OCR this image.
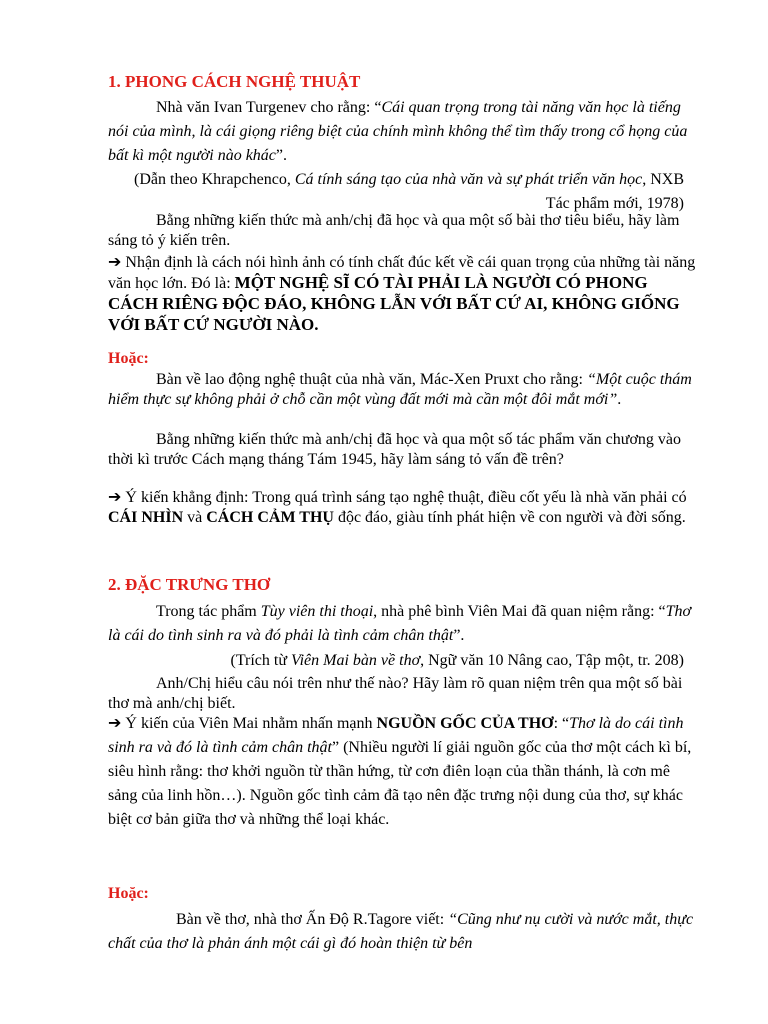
1. PHONG CÁCH NGHỆ THUẬT

Nhà văn Ivan Turgenev cho rằng: “Cái quan trọng trong tài năng văn học là tiếng nói của mình, là cái giọng riêng biệt của chính mình không thể tìm thấy trong cổ họng của bất kì một người nào khác”.

(Dẫn theo Khrapchenco, Cá tính sáng tạo của nhà văn và sự phát triển văn học, NXB Tác phẩm mới, 1978)

Bằng những kiến thức mà anh/chị đã học và qua một số bài thơ tiêu biểu, hãy làm sáng tỏ ý kiến trên.

➔ Nhận định là cách nói hình ảnh có tính chất đúc kết về cái quan trọng của những tài năng văn học lớn. Đó là: MỘT NGHỆ SĨ CÓ TÀI PHẢI LÀ NGƯỜI CÓ PHONG CÁCH RIÊNG ĐỘC ĐÁO, KHÔNG LẪN VỚI BẤT CỨ AI, KHÔNG GIỐNG VỚI BẤT CỨ NGƯỜI NÀO.

Hoặc:

Bàn về lao động nghệ thuật của nhà văn, Mác-Xen Pruxt cho rằng: “Một cuộc thám hiểm thực sự không phải ở chỗ cần một vùng đất mới mà cần một đôi mắt mới”.

Bằng những kiến thức mà anh/chị đã học và qua một số tác phẩm văn chương vào thời kì trước Cách mạng tháng Tám 1945, hãy làm sáng tỏ vấn đề trên?

➔ Ý kiến khẳng định: Trong quá trình sáng tạo nghệ thuật, điều cốt yếu là nhà văn phải có CÁI NHÌN và CÁCH CẢM THỤ độc đáo, giàu tính phát hiện về con người và đời sống.

2. ĐẶC TRƯNG THƠ

Trong tác phẩm Tùy viên thi thoại, nhà phê bình Viên Mai đã quan niệm rằng: “Thơ là cái do tình sinh ra và đó phải là tình cảm chân thật”.

(Trích từ Viên Mai bàn về thơ, Ngữ văn 10 Nâng cao, Tập một, tr. 208)

Anh/Chị hiểu câu nói trên như thế nào? Hãy làm rõ quan niệm trên qua một số bài thơ mà anh/chị biết.

➔ Ý kiến của Viên Mai nhằm nhấn mạnh NGUỒN GỐC CỦA THƠ: “Thơ là do cái tình sinh ra và đó là tình cảm chân thật” (Nhiều người lí giải nguồn gốc của thơ một cách kì bí, siêu hình rằng: thơ khởi nguồn từ thần hứng, từ cơn điên loạn của thần thánh, là cơn mê sảng của linh hồn…). Nguồn gốc tình cảm đã tạo nên đặc trưng nội dung của thơ, sự khác biệt cơ bản giữa thơ và những thể loại khác.

Hoặc:

Bàn về thơ, nhà thơ Ấn Độ R.Tagore viết: “Cũng như nụ cười và nước mắt, thực chất của thơ là phản ánh một cái gì đó hoàn thiện từ bên
